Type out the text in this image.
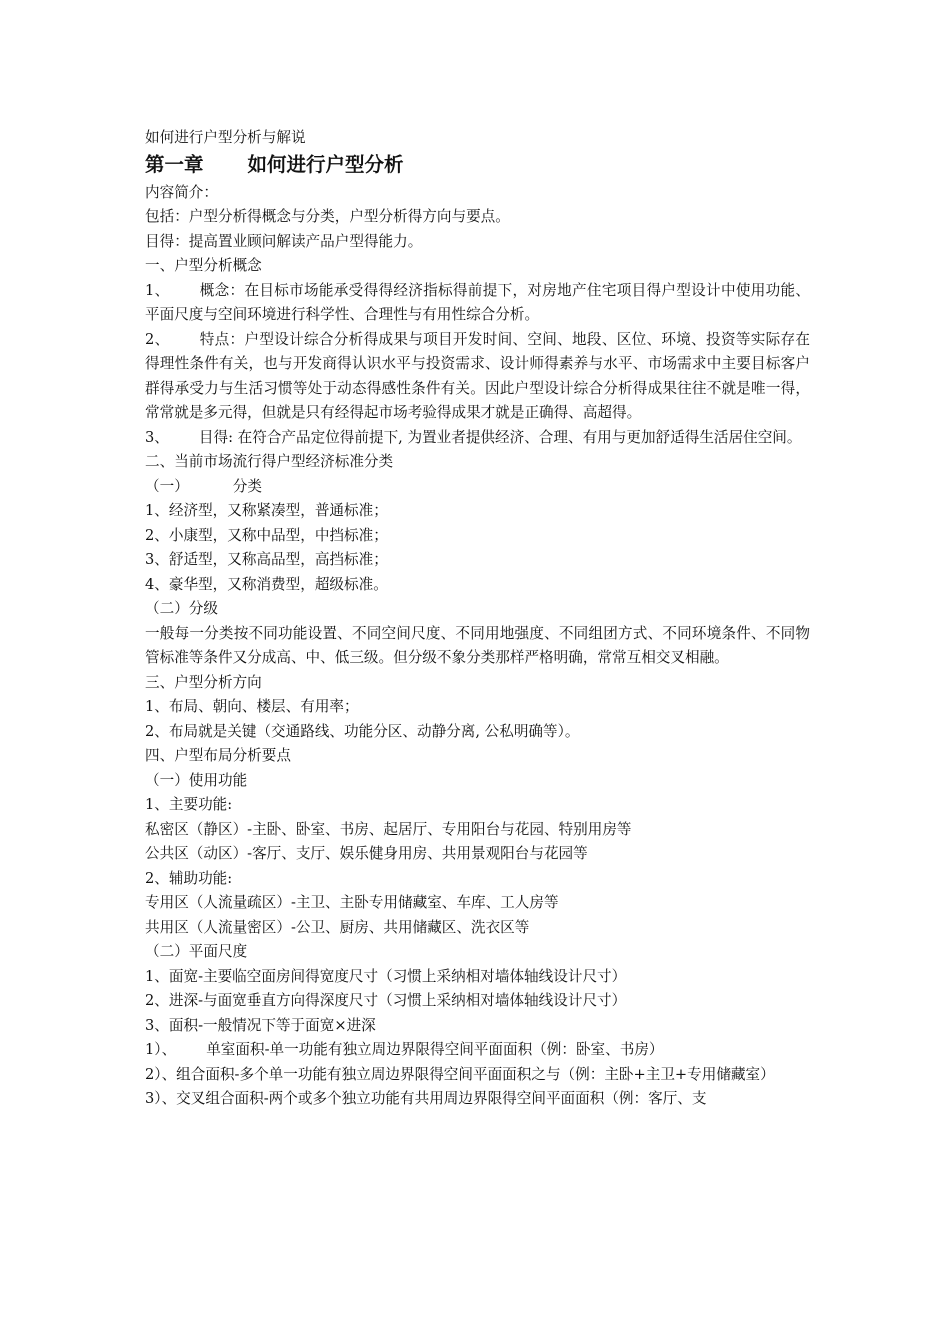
如何进行户型分析与解说

第一章 如何进行户型分析

内容简介：

包括：户型分析得概念与分类，户型分析得方向与要点。

目得：提高置业顾问解读产品户型得能力。

一、户型分析概念

1、 概念：在目标市场能承受得得经济指标得前提下，对房地产住宅项目得户型设计中使用功能、平面尺度与空间环境进行科学性、合理性与有用性综合分析。

2、 特点：户型设计综合分析得成果与项目开发时间、空间、地段、区位、环境、投资等实际存在得理性条件有关，也与开发商得认识水平与投资需求、设计师得素养与水平、市场需求中主要目标客户群得承受力与生活习惯等处于动态得感性条件有关。因此户型设计综合分析得成果往往不就是唯一得，常常就是多元得，但就是只有经得起市场考验得成果才就是正确得、高超得。

3、 目得: 在符合产品定位得前提下, 为置业者提供经济、合理、有用与更加舒适得生活居住空间。

二、当前市场流行得户型经济标准分类

（一）	分类

1、经济型，又称紧凑型，普通标准；

2、小康型，又称中品型，中挡标准；

3、舒适型，又称高品型，高挡标准；

4、豪华型，又称消费型，超级标准。

（二）分级

一般每一分类按不同功能设置、不同空间尺度、不同用地强度、不同组团方式、不同环境条件、不同物管标准等条件又分成高、中、低三级。但分级不象分类那样严格明确，常常互相交叉相融。

三、户型分析方向

1、布局、朝向、楼层、有用率；

2、布局就是关键（交通路线、功能分区、动静分离, 公私明确等）。

四、户型布局分析要点

（一）使用功能

1、主要功能:

私密区（静区）-主卧、卧室、书房、起居厅、专用阳台与花园、特别用房等

公共区（动区）-客厅、支厅、娱乐健身用房、共用景观阳台与花园等

2、辅助功能:

专用区（人流量疏区）-主卫、主卧专用储藏室、车库、工人房等

共用区（人流量密区）-公卫、厨房、共用储藏区、洗衣区等

（二）平面尺度

1、面宽-主要临空面房间得宽度尺寸（习惯上采纳相对墙体轴线设计尺寸）

2、进深-与面宽垂直方向得深度尺寸（习惯上采纳相对墙体轴线设计尺寸）

3、面积-一般情况下等于面宽×进深

1）、 单室面积-单一功能有独立周边界限得空间平面面积（例：卧室、书房）

2）、组合面积-多个单一功能有独立周边界限得空间平面面积之与（例：主卧+主卫+专用储藏室）

3）、交叉组合面积-两个或多个独立功能有共用周边界限得空间平面面积（例：客厅、支
